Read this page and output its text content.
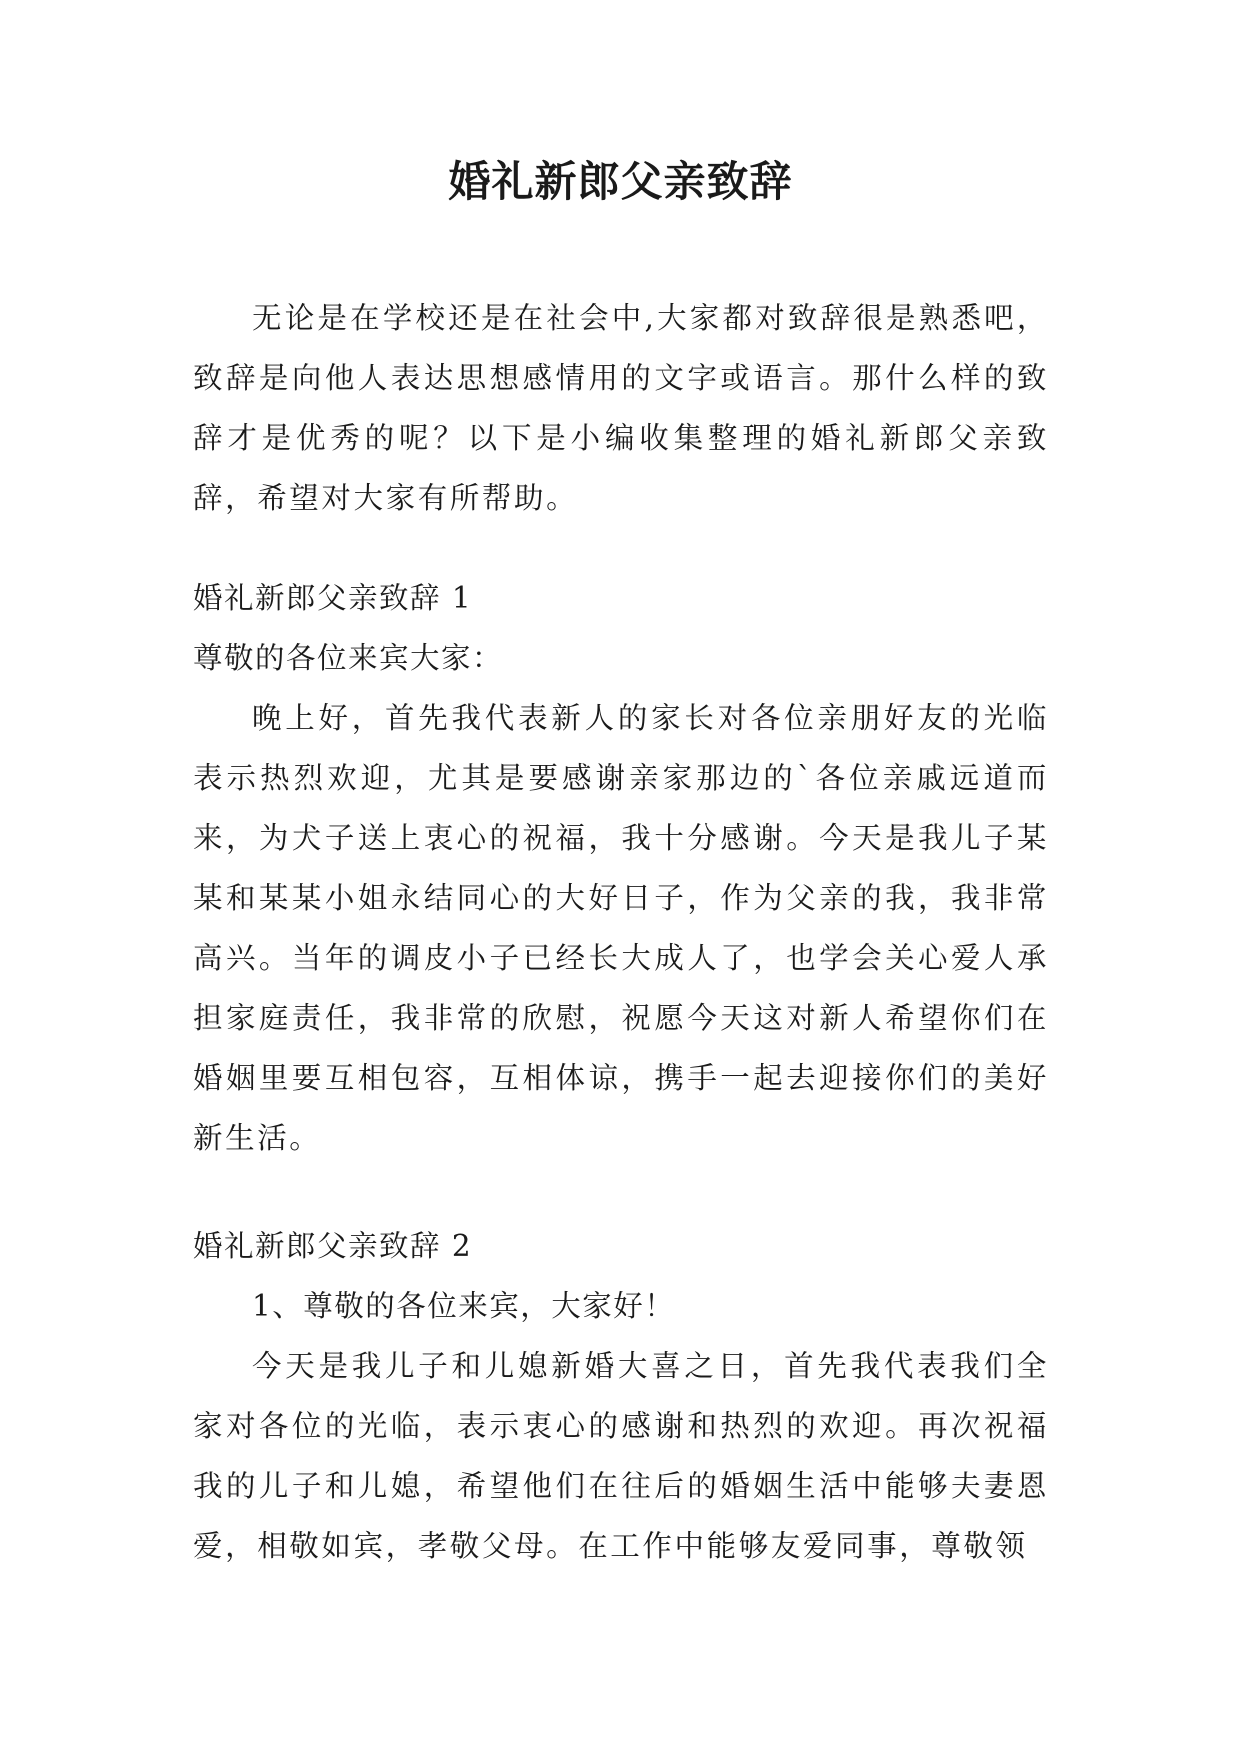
婚礼新郎父亲致辞

无论是在学校还是在社会中,大家都对致辞很是熟悉吧，致辞是向他人表达思想感情用的文字或语言。那什么样的致辞才是优秀的呢？以下是小编收集整理的婚礼新郎父亲致辞，希望对大家有所帮助。

婚礼新郎父亲致辞 1

尊敬的各位来宾大家：

晚上好，首先我代表新人的家长对各位亲朋好友的光临表示热烈欢迎，尤其是要感谢亲家那边的`各位亲戚远道而来，为犬子送上衷心的祝福，我十分感谢。今天是我儿子某某和某某小姐永结同心的大好日子，作为父亲的我，我非常高兴。当年的调皮小子已经长大成人了，也学会关心爱人承担家庭责任，我非常的欣慰，祝愿今天这对新人希望你们在婚姻里要互相包容，互相体谅，携手一起去迎接你们的美好新生活。

婚礼新郎父亲致辞 2

1、尊敬的各位来宾，大家好！

今天是我儿子和儿媳新婚大喜之日，首先我代表我们全家对各位的光临，表示衷心的感谢和热烈的欢迎。再次祝福我的儿子和儿媳，希望他们在往后的婚姻生活中能够夫妻恩爱，相敬如宾，孝敬父母。在工作中能够友爱同事，尊敬领
